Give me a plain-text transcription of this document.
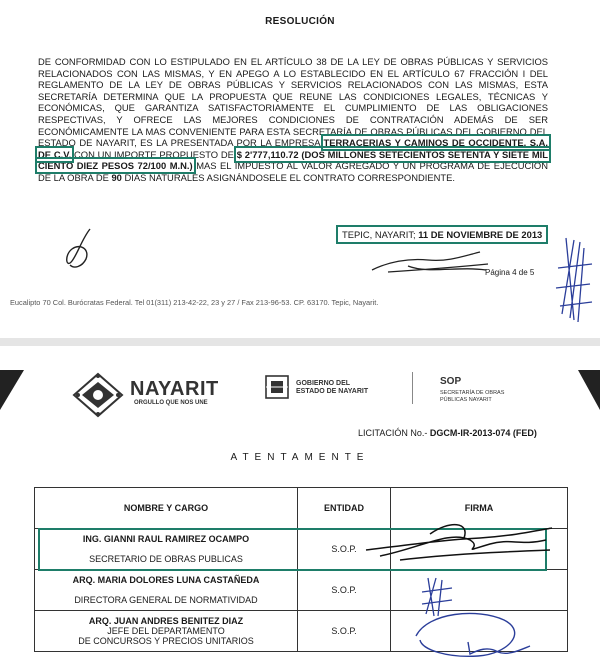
RESOLUCIÓN
DE CONFORMIDAD CON LO ESTIPULADO EN EL ARTÍCULO 38 DE LA LEY DE OBRAS PÚBLICAS Y SERVICIOS RELACIONADOS CON LAS MISMAS, Y EN APEGO A LO ESTABLECIDO EN EL ARTÍCULO 67 FRACCIÓN I DEL REGLAMENTO DE LA LEY DE OBRAS PÚBLICAS Y SERVICIOS RELACIONADOS CON LAS MISMAS, ESTA SECRETARÍA DETERMINA QUE LA PROPUESTA QUE REUNE LAS CONDICIONES LEGALES, TÉCNICAS Y ECONÓMICAS, QUE GARANTIZA SATISFACTORIAMENTE EL CUMPLIMIENTO DE LAS OBLIGACIONES RESPECTIVAS, Y OFRECE LAS MEJORES CONDICIONES DE CONTRATACIÓN ADEMÁS DE SER ECONÓMICAMENTE LA MAS CONVENIENTE PARA ESTA SECRETARÍA DE OBRAS PÚBLICAS DEL GOBIERNO DEL ESTADO DE NAYARIT, ES LA PRESENTADA POR LA EMPRESA TERRACERIAS Y CAMINOS DE OCCIDENTE, S.A. DE C.V. CON UN IMPORTE PROPUESTO DE $ 2'777,110.72 (DOS MILLONES SETECIENTOS SETENTA Y SIETE MIL CIENTO DIEZ PESOS 72/100 M.N.) MAS EL IMPUESTO AL VALOR AGREGADO Y UN PROGRAMA DE EJECUCIÓN DE LA OBRA DE 90 DÍAS NATURALES ASIGNÁNDOSELE EL CONTRATO CORRESPONDIENTE.
TEPIC, NAYARIT; 11 DE NOVIEMBRE DE 2013
Página 4 de 5
Eucalipto 70 Col. Burócratas Federal. Tel 01(311) 213-42-22, 23 y 27 / Fax 213-96-53. CP. 63170. Tepic, Nayarit.
NAYARIT
ORGULLO QUE NOS UNE
GOBIERNO DEL
ESTADO DE NAYARIT
SOP
SECRETARÍA DE OBRAS
PÚBLICAS NAYARIT
LICITACIÓN No.- DGCM-IR-2013-074 (FED)
ATENTAMENTE
NOMBRE Y CARGO	ENTIDAD	FIRMA

ING. GIANNI RAUL RAMIREZ OCAMPO
SECRETARIO DE OBRAS PUBLICAS
	S.O.P.	

ARQ. MARIA DOLORES LUNA CASTAÑEDA
DIRECTORA GENERAL DE NORMATIVIDAD
	S.O.P.	

ARQ. JUAN ANDRES BENITEZ DIAZ
JEFE DEL DEPARTAMENTO
DE CONCURSOS Y PRECIOS UNITARIOS
	S.O.P.	
